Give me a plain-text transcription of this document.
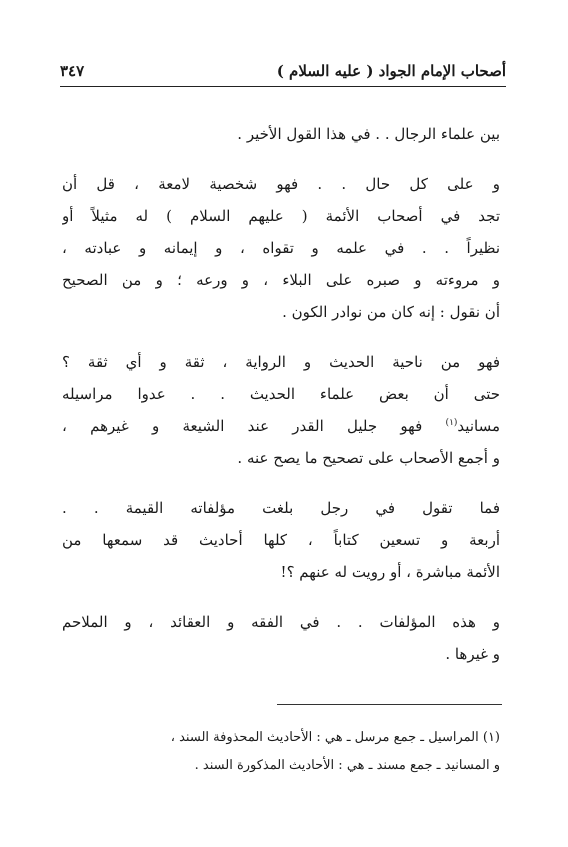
أصحاب الإمام الجواد ( عليه السلام )
٣٤٧
بين علماء الرجال . . في هذا القول الأخير .
و على كل حال . . فهو شخصية لامعة ، قل أن
تجد في أصحاب الأئمة ( عليهم السلام ) له مثيلاً أو
نظيراً . . في علمه و تقواه ، و إيمانه و عبادته ،
و مروءته و صبره على البلاء ، و ورعه ؛ و من الصحيح
أن نقول : إنه كان من نوادر الكون .
فهو من ناحية الحديث و الرواية ، ثقة و أي ثقة ؟
حتى أن بعض علماء الحديث . . عدوا مراسيله
مسانيد$^{(١)}$ فهو جليل القدر عند الشيعة و غيرهم ،
و أجمع الأصحاب على تصحيح ما يصح عنه .
فما تقول في رجل بلغت مؤلفاته القيمة . .
أربعة و تسعين كتاباً ، كلها أحاديث قد سمعها من
الأئمة مباشرة ، أو رويت له عنهم ؟!
و هذه المؤلفات . . في الفقه و العقائد ، و الملاحم
و غيرها .
(١) المراسيل ـ جمع مرسل ـ هي : الأحاديث المحذوفة السند ،
و المسانيد ـ جمع مسند ـ هي : الأحاديث المذكورة السند .
